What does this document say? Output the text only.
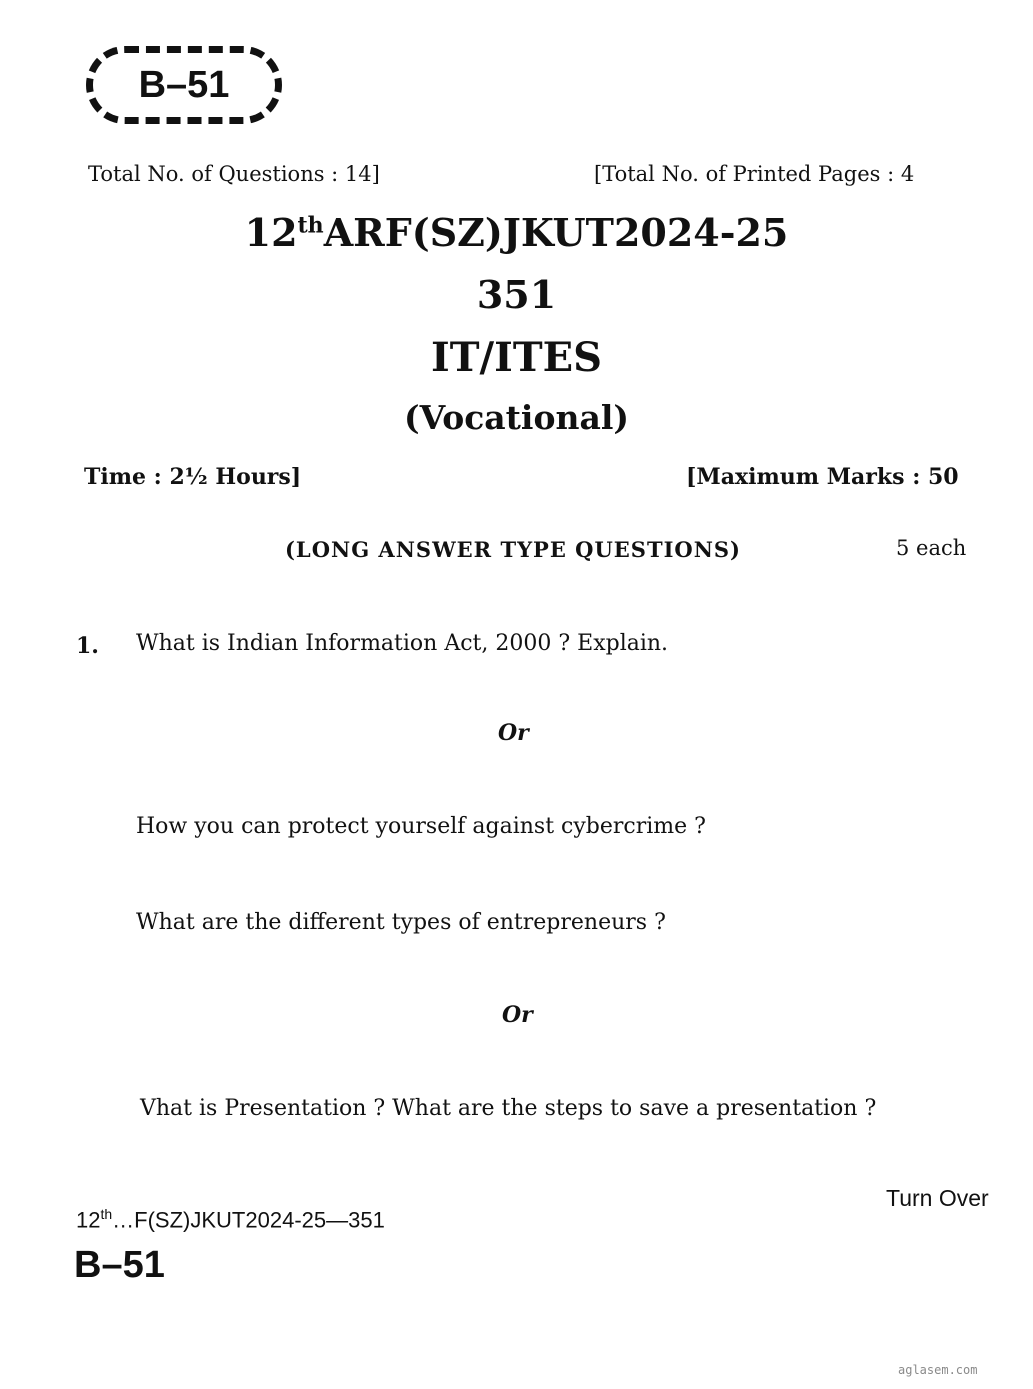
B–51
Total No. of Questions : 14]	[Total No. of Printed Pages : 4
12thARF(SZ)JKUT2024-25
351
IT/ITES
(Vocational)
Time : 2½ Hours]	[Maximum Marks : 50
(LONG ANSWER TYPE QUESTIONS)	5 each
1. What is Indian Information Act, 2000 ? Explain.
Or
How you can protect yourself against cybercrime ?
What are the different types of entrepreneurs ?
Or
Vhat is Presentation ? What are the steps to save a presentation ?
Turn Over
12th…F(SZ)JKUT2024-25—351
B–51
aglasem.com
